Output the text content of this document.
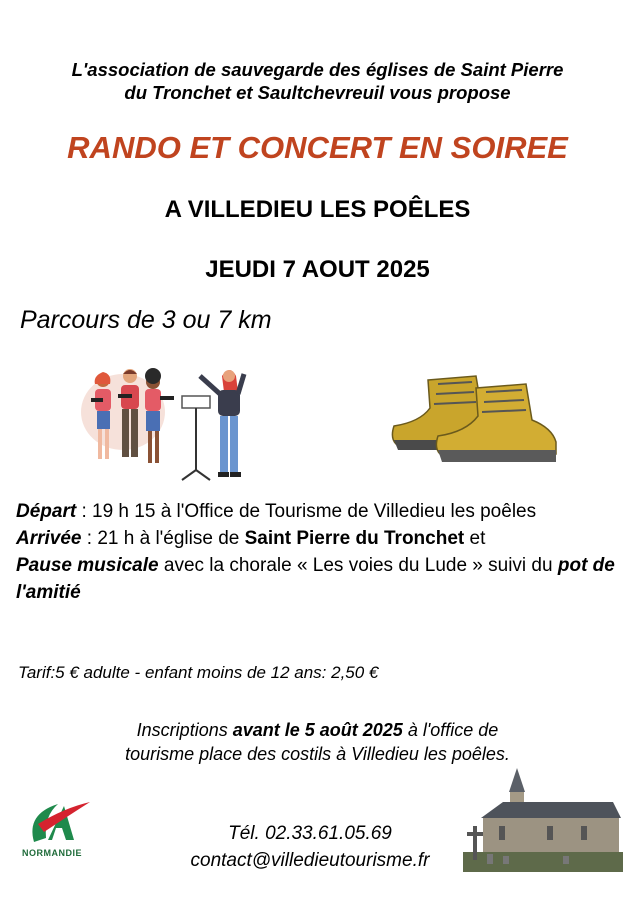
L'association de sauvegarde des églises de Saint Pierre
du Tronchet et Saultchevreuil vous propose
RANDO ET CONCERT EN SOIREE
A VILLEDIEU LES POÊLES
JEUDI 7 AOUT 2025
Parcours de 3 ou 7 km
Départ : 19 h 15 à l'Office de Tourisme de Villedieu les poêles
Arrivée : 21 h à l'église de Saint Pierre du Tronchet et
Pause musicale avec la chorale « Les voies du Lude » suivi du pot de l'amitié
Tarif:5 € adulte - enfant moins de 12 ans: 2,50 €
Inscriptions avant le 5 août 2025 à l'office de
tourisme place des costils à Villedieu les poêles.
NORMANDIE
Tél. 02.33.61.05.69
contact@villedieutourisme.fr
